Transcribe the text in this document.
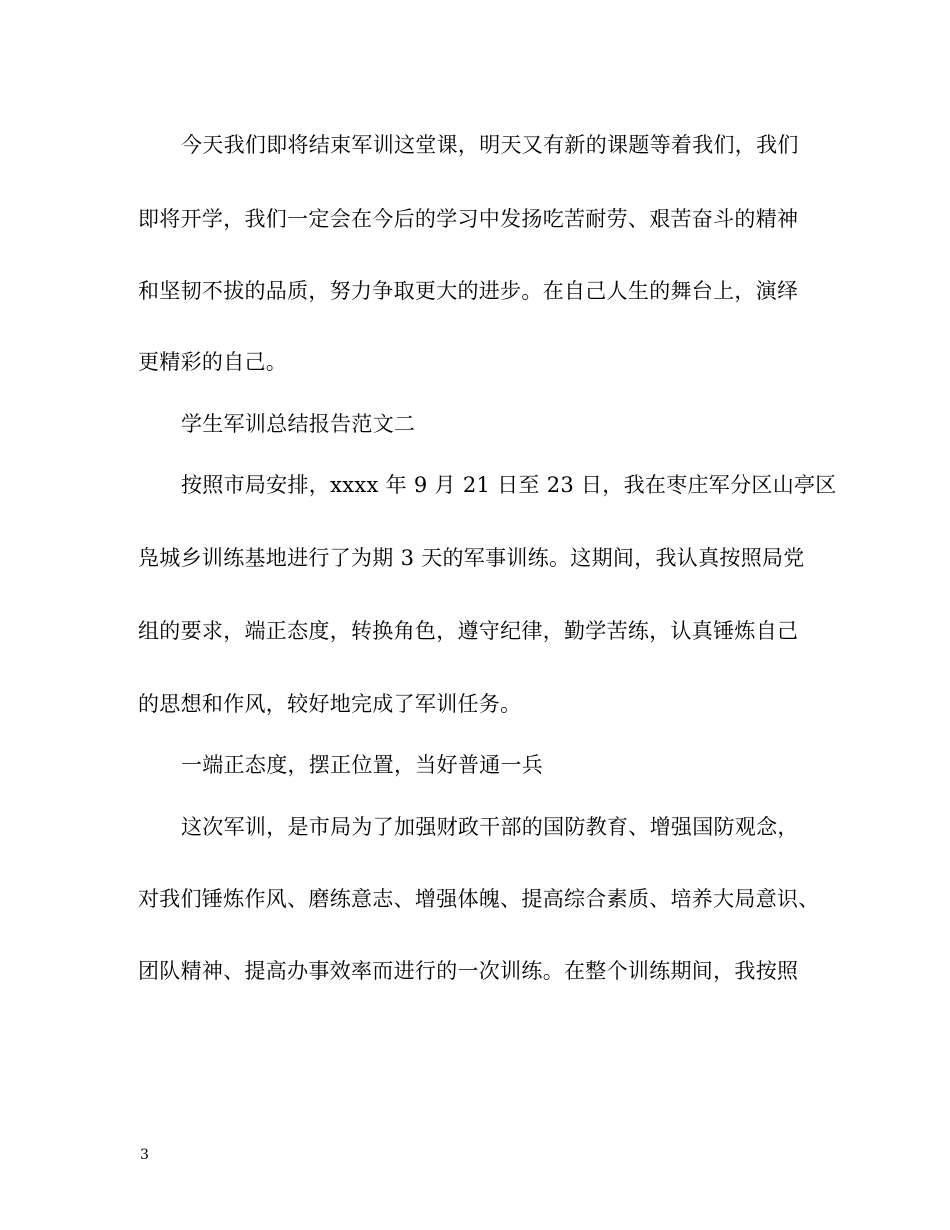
今天我们即将结束军训这堂课，明天又有新的课题等着我们，我们
即将开学，我们一定会在今后的学习中发扬吃苦耐劳、艰苦奋斗的精神
和坚韧不拔的品质，努力争取更大的进步。在自己人生的舞台上，演绎
更精彩的自己。
学生军训总结报告范文二
按照市局安排，xxxx 年 9 月 21 日至 23 日，我在枣庄军分区山亭区
凫城乡训练基地进行了为期 3 天的军事训练。这期间，我认真按照局党
组的要求，端正态度，转换角色，遵守纪律，勤学苦练，认真锤炼自己
的思想和作风，较好地完成了军训任务。
一端正态度，摆正位置，当好普通一兵
这次军训，是市局为了加强财政干部的国防教育、增强国防观念，
对我们锤炼作风、磨练意志、增强体魄、提高综合素质、培养大局意识、
团队精神、提高办事效率而进行的一次训练。在整个训练期间，我按照
3
